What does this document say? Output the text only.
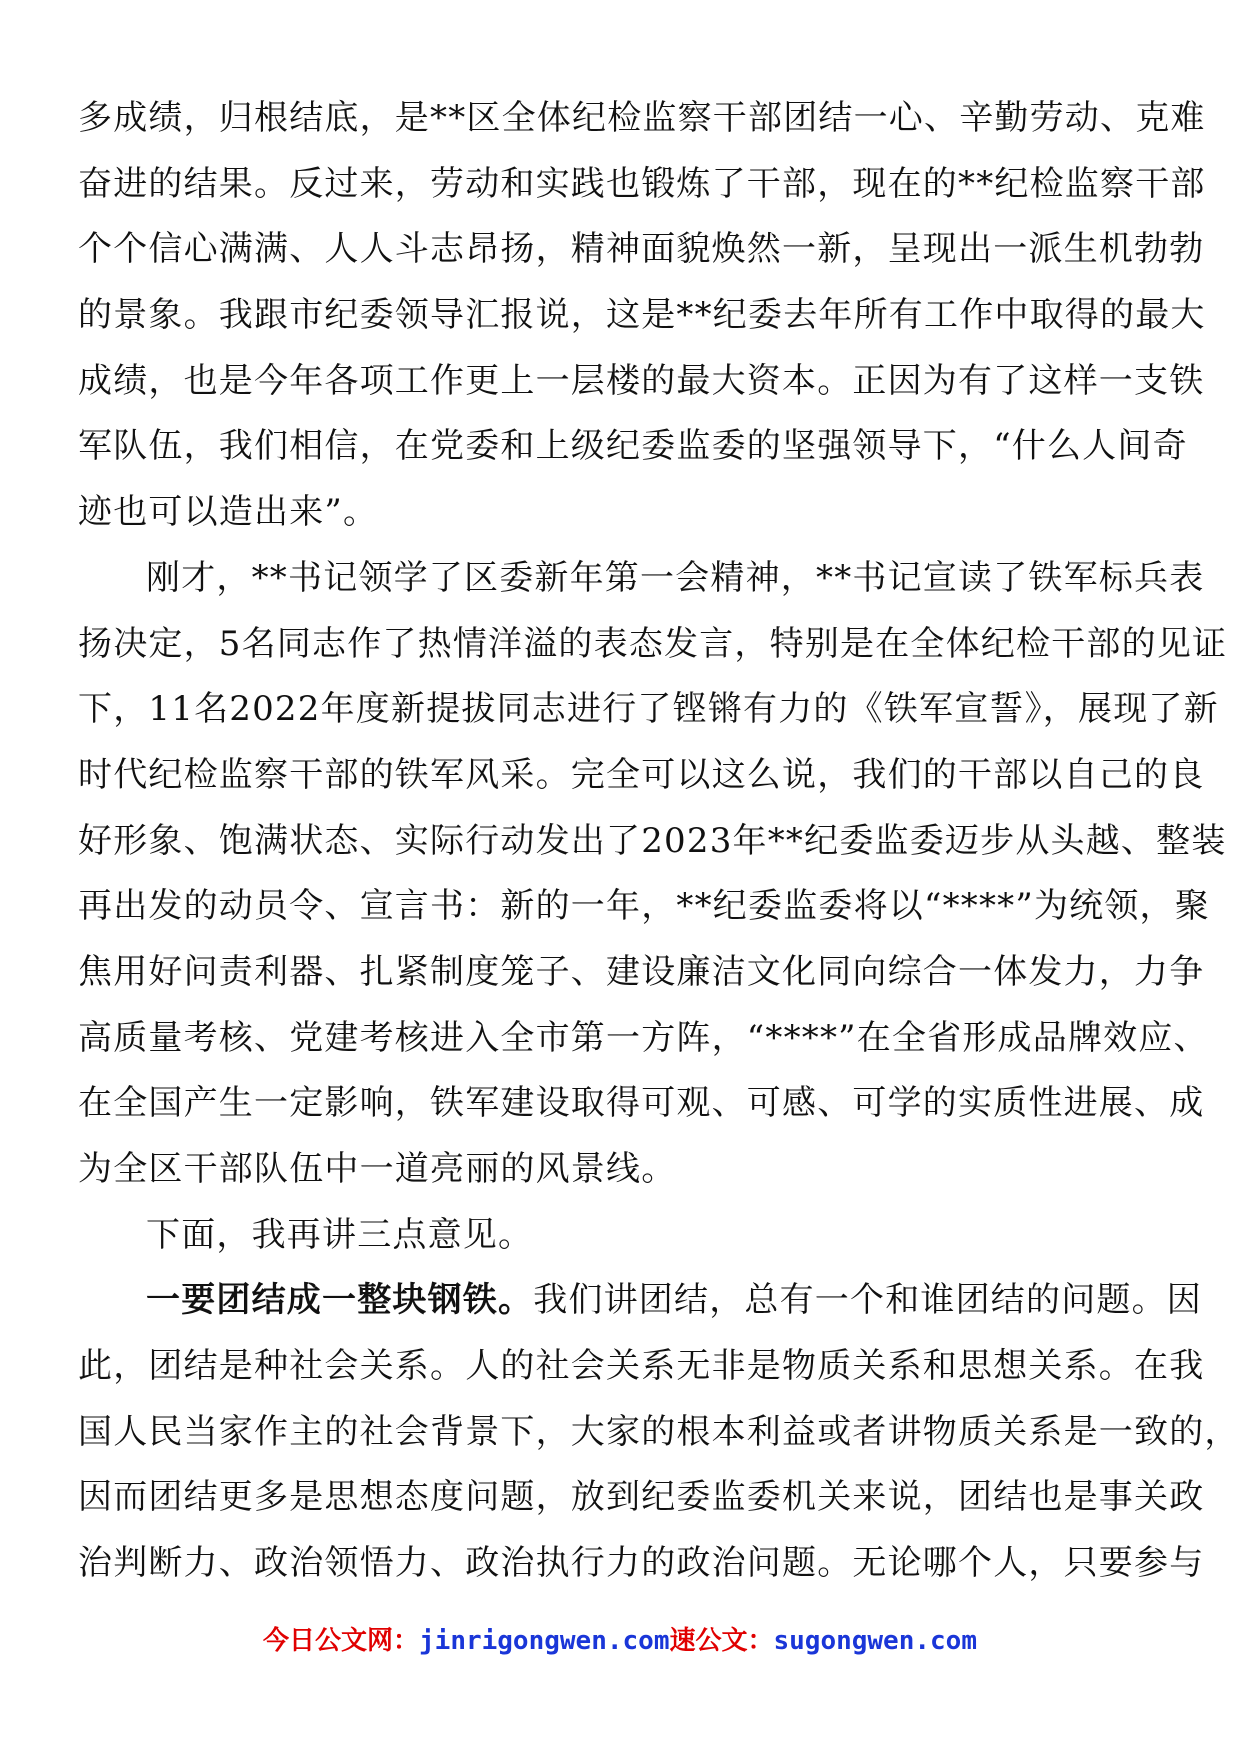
多成绩，归根结底，是**区全体纪检监察干部团结一心、辛勤劳动、克难
奋进的结果。反过来，劳动和实践也锻炼了干部，现在的**纪检监察干部
个个信心满满、人人斗志昂扬，精神面貌焕然一新，呈现出一派生机勃勃
的景象。我跟市纪委领导汇报说，这是**纪委去年所有工作中取得的最大
成绩，也是今年各项工作更上一层楼的最大资本。正因为有了这样一支铁
军队伍，我们相信，在党委和上级纪委监委的坚强领导下，“什么人间奇
迹也可以造出来”。
刚才，**书记领学了区委新年第一会精神，**书记宣读了铁军标兵表
扬决定，5名同志作了热情洋溢的表态发言，特别是在全体纪检干部的见证
下，11名2022年度新提拔同志进行了铿锵有力的《铁军宣誓》，展现了新
时代纪检监察干部的铁军风采。完全可以这么说，我们的干部以自己的良
好形象、饱满状态、实际行动发出了2023年**纪委监委迈步从头越、整装
再出发的动员令、宣言书：新的一年，**纪委监委将以“****”为统领，聚
焦用好问责利器、扎紧制度笼子、建设廉洁文化同向综合一体发力，力争
高质量考核、党建考核进入全市第一方阵，“****”在全省形成品牌效应、
在全国产生一定影响，铁军建设取得可观、可感、可学的实质性进展、成
为全区干部队伍中一道亮丽的风景线。
下面，我再讲三点意见。
一要团结成一整块钢铁。我们讲团结，总有一个和谁团结的问题。因
此，团结是种社会关系。人的社会关系无非是物质关系和思想关系。在我
国人民当家作主的社会背景下，大家的根本利益或者讲物质关系是一致的，
因而团结更多是思想态度问题，放到纪委监委机关来说，团结也是事关政
治判断力、政治领悟力、政治执行力的政治问题。无论哪个人，只要参与
今日公文网：jinrigongwen.com速公文：sugongwen.com
